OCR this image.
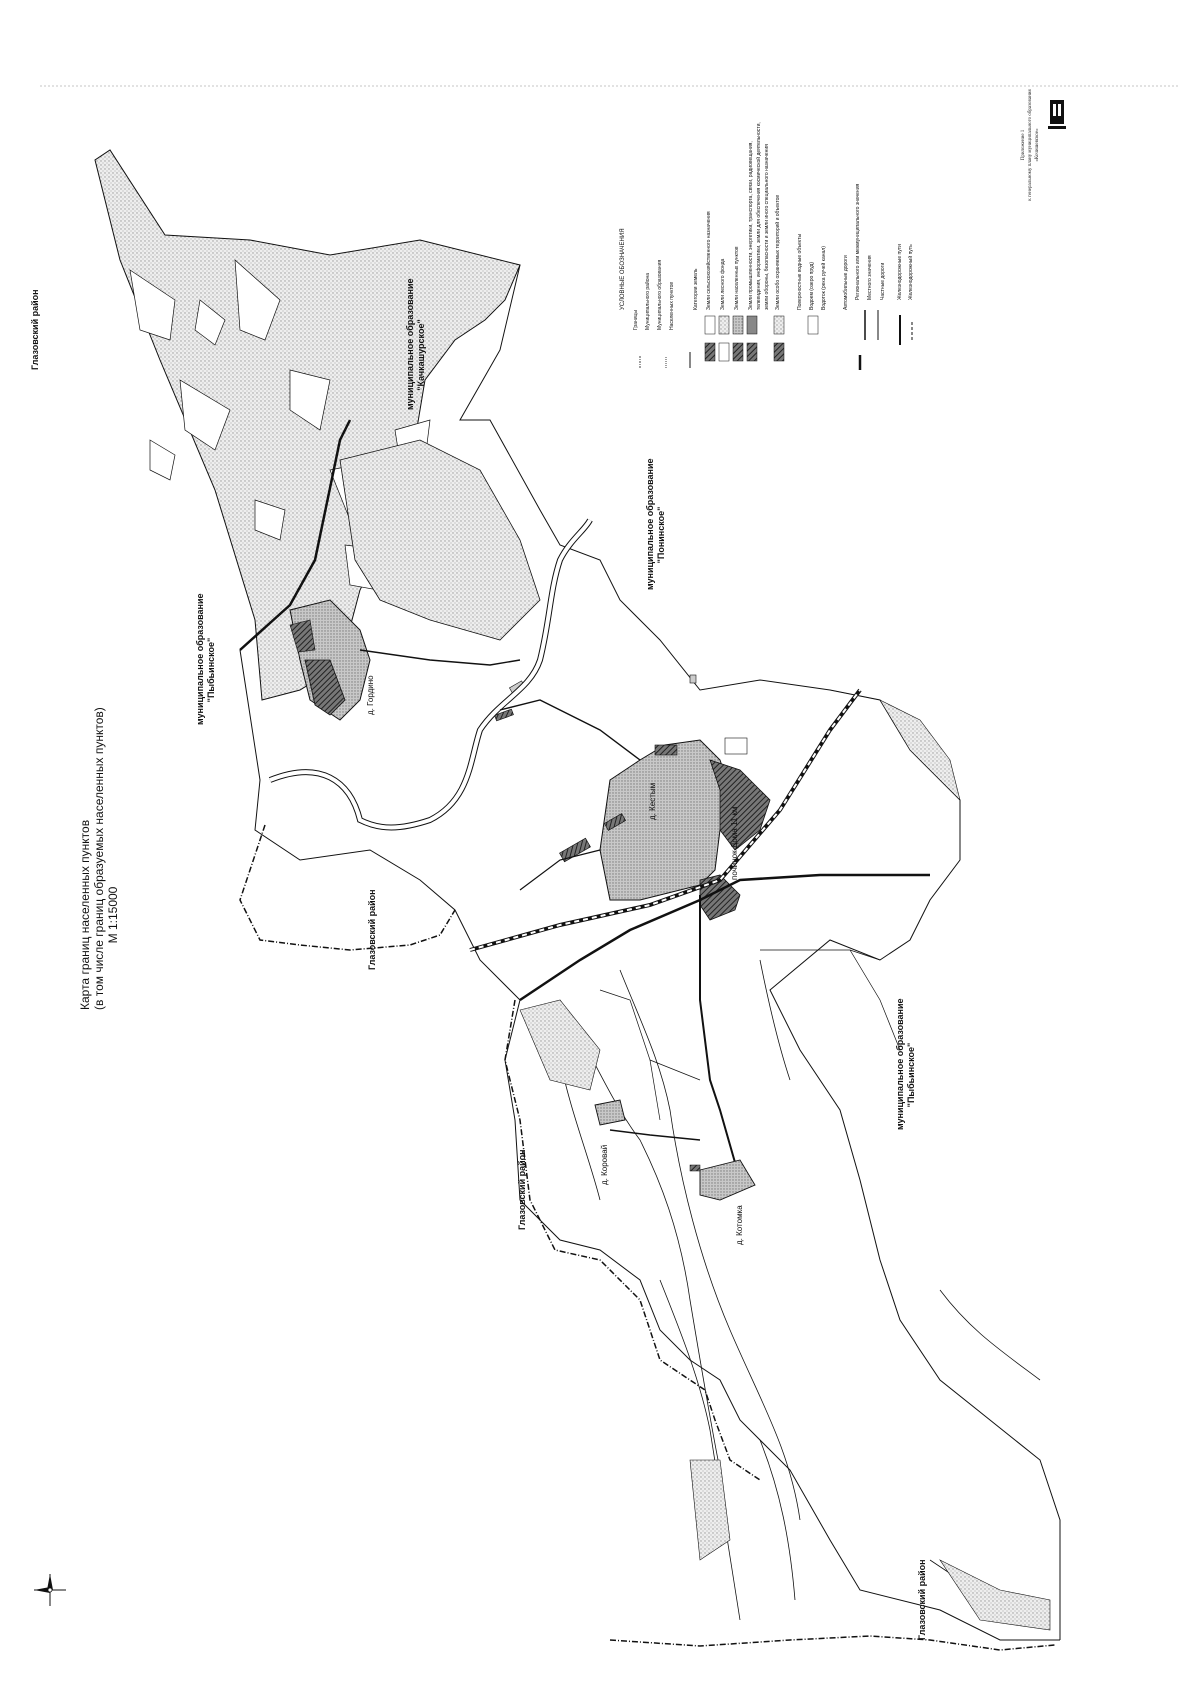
Карта границ населенных пунктов (в том числе границ образуемых населенных пунктов) М 1:15000
Приложение 1 к генеральному плану муниципального образования «Кочишевское»
муниципальное образование "Пыбьинское"
муниципальное образование "Качкашурское"
муниципальное образование "Понинское"
муниципальное образование "Пыбьинское"
Глазовский район
Глазовский район
Глазовский район
Глазовский район
д. Гордино
д. Кестым
починок Дома 11 км
д. Коровай
д. Котомка
УСЛОВНЫЕ ОБОЗНАЧЕНИЯ
Границы Муниципального района Муниципального образования Населенных пунктов	Категории земель Земли сельскохозяйственного назначения Земли лесного фонда Земли населенных пунктов Земли промышленности, энергетики, транспорта, связи, радиовещания, телевидения, информатики, земли для обеспечения космической деятельности, земли обороны, безопасности и земли иного специального назначения Земли особо охраняемых территорий и объектов	Поверхностные водные объекты Водоем (озеро пруд) Водоток (река ручей канал)	Автомобильные дороги Регионального или межмуниципального значения Местного значения Частные дороги Железнодорожные пути Железнодорожный путь
